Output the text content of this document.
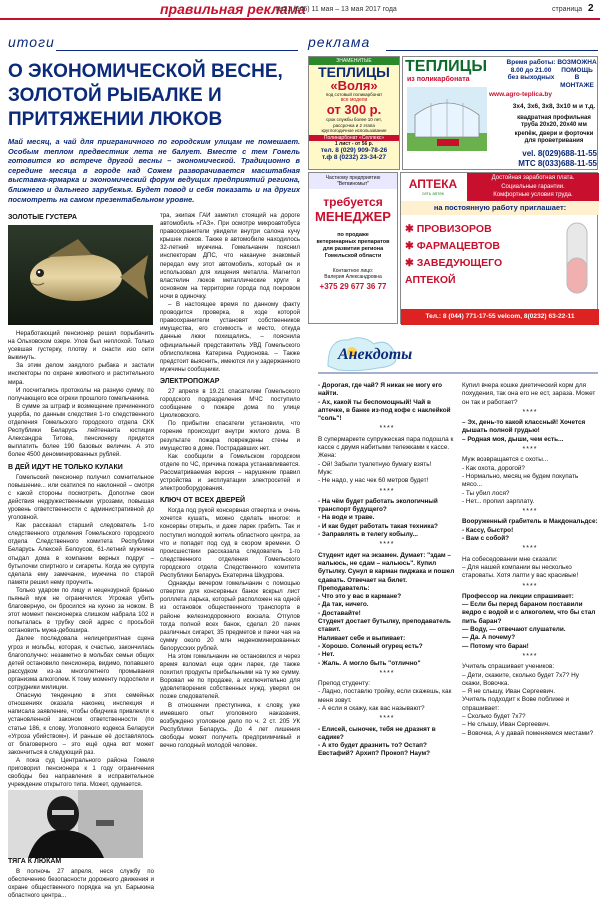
правильная реклама
№21 (646) 11 мая – 13 мая 2017 года	страница 2
итоги	реклама
О ЭКОНОМИЧЕСКОЙ ВЕСНЕ, ЗОЛОТОЙ РЫБАЛКЕ И ПРИТЯЖЕНИИ ЛЮКОВ
Май месяц, а чай для приграничного по городским улицам не помешает. Особым теплом предвестник лета не балует. Вместе с тем Гомель готовится ко встрече другой весны – экономической. Традиционно в середине месяца в городе над Сожем разворачивается масштабная выставка-ярмарка и экономический форум ведущих предприятий региона, ближнего и дальнего зарубежья. Будет повод и себя показать и на других посмотреть на самом презентабельном уровне.
ЗОЛОТЫЕ ГУСТЕРА

Неработающий пенсионер решил порыбачить на Ольховском озере. Улов был неплохой. Только усевшая густерку, плотву и снасти изо сети выкинуть.

За этим делом заядлого рыбака и застали инспекторы по охране животного и растительного мира.

И посчитались протоколы на разную сумму, по получающего все огрехи прошлого гомельчанина.

В сумме за штраф и возмещение причиненного ущерба, по данным следствия 1-го следственного отделения Гомельского городского отдела СКК Республики Беларусь лейтенанта юстиции Александра Титова, пенсионеру придется выплатить более 190 базовых величин. А это более 4500 деноминированных рублей.

В ДЕЙ ИДУТ НЕ ТОЛЬКО КУЛАКИ

Гомельский пенсионер получил сомнительное повышение... или скатился по наклонной – смотря с какой стороны посмотреть. Допоглне свои действия недружественными угрозами, повышая уровень ответственности с административной до уголовной.

Как рассказал старший следователь 1-го следственного отделения Гомельского городского отдела Следственного комитета Республики Беларусь Алексей Белоусов, 61-летний мужчина отыдал дома в компании верных подруг – бутылочки спиртного и сигареты. Когда же супруга сделала ему замечание, мужчина по старой памяти решил нему проучить.

Только ударом по лицу и нецензурной бранью пьяный муж не ограничился. Угрожая убить благоверную, он бросился на кухню за ножом. В этот момент пенсионерка слишком набрала 102 и попыталась в трубку свой адрес с просьбой остановить мужа-дебошира.

Далее последовала нелицеприятная сцена угроз и мольбы, которая, к счастью, закончилась благополучно: незаметно в мольбах семьи общих детей остановило пенсионера, видимо, попавшего рассудком из-за многолетнего промывания организма алкоголем. К тому моменту подоспели и сотрудники милиции.

Опасную тенденцию в этих семейных отношениях оказала наконец инспекция и написала заявление, чтобы обидчика привлекли к установленной законом ответственности (по статье 186, к слову, Уголовного кодекса Беларуси «Угроза убийством»). И раньше её доставлялось от благоверного – это ещё одна вот может закончиться в следующий раз.

А пока суд Центрального района Гомеля приговорил пенсионера к 1 году ограничения свободы без направления в исправительное учреждение открытого типа. Может, одумается.

ТЯГА К ЛЮКАМ

В полночь 27 апреля, неся службу по обеспечению безопасности дорожного движения и охране общественного порядка на ул. Барыкина областного центра...

тра, экипаж ГАИ заметил стоящий на дороге автомобиль «ГАЗ». При осмотре микроавтобуса правоохранители увидели внутри салона кучу крышек люков. Также в автомобиле находилось 32-летний мужчина. Гомельчанин пояснил инспекторам ДПС, что накануне знакомый передал ему этот автомобиль, который он и использовал для хищения металла. Магнитол властелин люков металлические круги в основном на территории города под покровом ночи в одиночку.

– В настоящее время по данному факту проводится проверка, в ходе которой правоохранители установят собственников имущества, его стоимость и место, откуда данные люки похищались, – пояснила официальный представитель УВД Гомельского облисполкома Катерина Родионова. – Также предстоит выяснить, имеются ли у задержанного мужчины сообщники.

ЭЛЕКТРОПОЖАР

27 апреля в 19.21 спасателям Гомельского городского подразделения МЧС поступило сообщение о пожаре дома по улице Циолковского.

По прибытии спасатели установили, что горение происходит внутри жилого дома. В результате пожара повреждены стены и имущество в доме. Пострадавших нет.

Как сообщили в Гомельском городском отделе по ЧС, причина пожара устанавливается. Рассматриваемая версия – нарушение правил устройства и эксплуатации электросетей и электрооборудования.

КЛЮЧ ОТ ВСЕХ ДВЕРЕЙ

Когда под рукой консервная отвертка и очень хочется кушать, можно сделать многое: и консервы открыть, и даже ларек грабить. Так и поступил молодой житель областного центра, за что и попадет под суд в скором времени. О происшествии рассказала следователь 1-го следственного отделения Гомельского городского отдела Следственного комитета Республики Беларусь Екатерина Шкудрова.

Однажды вечером гомельчанин с помощью отвертки для консервных банок вскрыл лист ролллета ларька, который расположен на одной из остановок общественного транспорта в районе железнодорожного вокзала. Отгулов тогда полной всех банок, сделал 20 пачек различных сигарет, 35 предметов и пачки чая на сумму около 20 млн неденоминированных белорусских рублей.

На этом гомельчанин не остановился и через время взломал еще один ларек, где также похитил продукты прибыльными на ту же сумму. Воровал не по продаже, а исключительно для удовлетворения собственных нужд, уверял он позже следователей.

В отношении преступника, к слову, уже имевшего опыт уголовного наказания, возбуждено уголовное дело по ч. 2 ст. 205 УК Республики Беларусь. До 4 лет лишения свободы может получить предприимчивый и вечно голодный молодой человек.

ЗНАМЕНИТЫЕ
ТЕПЛИЦЫ
«Воля»
под сотовый поликарбонат
все модели
от 300 р.
срок службы более 10 лет,
рассрочка и 2 этапа
круглогодичное использование
Полинарбонат «Селлекс»
1 лист - от 56 р.
тел. 8 (029) 909-78-26
т.ф 8 (0232) 23-34-27
ТЕПЛИЦЫ
из поликарбоната
Время работы:
8.00 до 21.00
без выходных
ВОЗМОЖНА
ПОМОЩЬ
В МОНТАЖЕ
www.agro-teplica.by
3х4, 3х6, 3х8, 3х10 м и т.д.
квадратная профильная труба 20х20, 20х40 мм
крепёж, двери и форточки для проветривания
vel. 8(029)688-11-55
МТС 8(033)688-11-55
Частному предприятию "Ветвиномыт"
требуется
МЕНЕДЖЕР
по продаже
ветеринарных препаратов
для развития региона
Гомельской области
Контактное лицо:
Валерия Александровна
+375 29 677 36 77
АПТЕКА
сеть аптек
Достойная заработная плата.
Социальные гарантии.
Комфортные условия труда.
на постоянную работу приглашает:
✱ ПРОВИЗОРОВ
✱ ФАРМАЦЕВТОВ
✱ ЗАВЕДУЮЩЕГО АПТЕКОЙ
Тел.: 8 (044) 771-17-55 velcom, 8(0232) 63-22-11
Анекдоты

- Дорогая, где чай? Я никак не могу его найти.

- Ах, какой ты беспомощный! Чай в аптечке, в банке из-под кофе с наклейкой "соль"!

****

В супермаркете супружеская пара подошла к кассе с двумя набитыми тележками к кассе.

Жена:

- Ой! Забыли туалетную бумагу взять!

Муж:

- Не надо, у нас чек 60 метров будет!

****

- На чём будет работать экологичный транспорт будущего?

- На воде и траве.

- И как будет работать такая техника?

- Заправлять в телегу кобылу...

****

Студент идет на экзамен. Думает: "здам – нальюсь, не сдам – нальюсь". Купил бутылку. Сунул в карман пиджака и пошел сдавать. Отвечает на билет.

Преподаватель:

- Что это у вас в кармане?

- Да так, ничего.

- Доставайте!

Студент достает бутылку, преподаватель ставит.

Наливает себе и выпивает:

- Хорошо. Соленый огурец есть?

- Нет.

- Жаль. А могло быть "отлично"

****

Препод студенту:

- Ладно, поставлю тройку, если скажешь, как меня зовут.

- А если я скажу, как вас называют?

****

- Елисей, сыночек, тебя не дразнят в садике?

- А кто будет дразнить то? Остап? Евстафий? Архип? Прокоп? Наум?

Купил вчера кошке диетический корм для похудения, так она его не ест, зараза. Может он так и работает?

****

– Эх, день-то какой классный! Хочется дышать полной грудью!

– Родная моя, дыши, чем есть...

****

Муж возвращается с охоты...

- Как охота, дорогой?

- Нормально, месяц не будем покупать мясо...

- Ты убил лося?

- Нет... пропил зарплату.

****

Вооруженный грабитель в Макдональдсе:

- Кассу, быстро!

- Вам с собой?

****

На собеседовании мне сказали:

– Для нашей компании вы несколько староваты. Хотя лапти у вас красивые!

****

Профессор на лекции спрашивает:

— Если бы перед бараном поставили ведро с водой и с алкоголем, что бы стал пить баран?

— Воду, — отвечают слушатели.

— Да. А почему?

— Потому что баран!

****

Учитель спрашивает учеников:

– Дети, скажите, сколько будет 7х7? Ну скажи, Вовочка.

– Я не слышу, Иван Сергеевич.

Учитель подходит к Вове поближе и спрашивает:

– Сколько будет 7х7?

– Не слышу, Иван Сергеевич.

– Вовочка, А у давай поменяемся местами?
